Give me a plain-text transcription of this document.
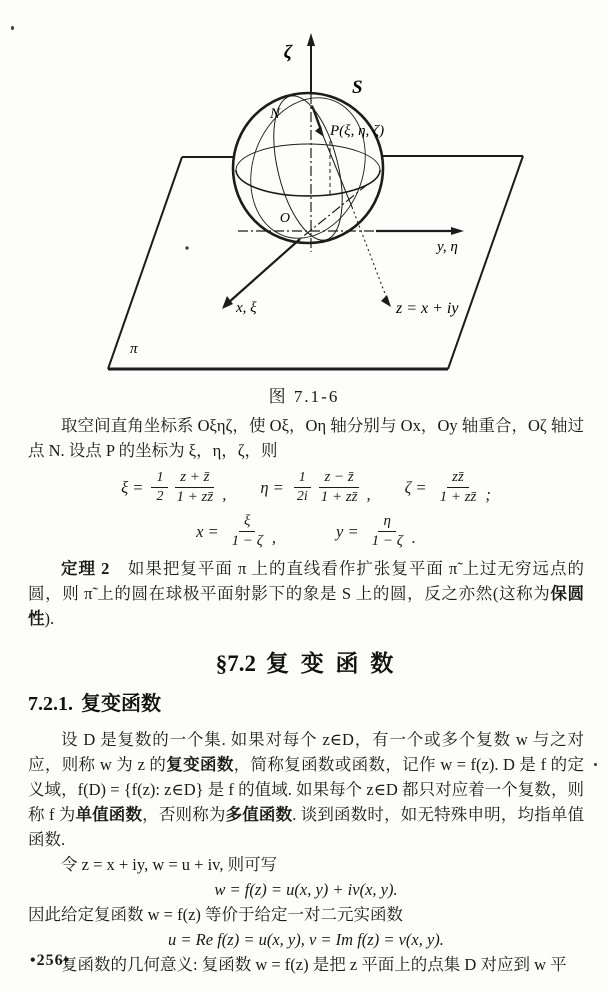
ζ
S
N
P(ξ, η, ζ)
O
y, η
x, ξ	z = x + iy
π
图 7.1-6

取空间直角坐标系 Oξηζ，使 Oξ，Oη 轴分别与 Ox，Oy 轴重合，Oζ 轴过点 N. 设点 P 的坐标为 ξ，η，ζ，则

$\xi = \frac{1}{2} \frac{z + z̄}{1 + zz̄}$ , $\eta = \frac{1}{2i} \frac{z - z̄}{1 + zz̄}$ , $\zeta = \frac{zz̄}{1 + zz̄}$ ;
$x = \frac{\xi}{1 - \zeta}$ ,	$y = \frac{\eta}{1 - \zeta}$ .

定理 2　如果把复平面 π 上的直线看作扩张复平面 π̃ 上过无穷远点的圆，则 π̃ 上的圆在球极平面射影下的象是 S 上的圆，反之亦然(这称为保圆性).

§7.2 复 变 函 数
7.2.1. 复变函数

设 D 是复数的一个集. 如果对每个 z∈D，有一个或多个复数 w 与之对应，则称 w 为 z 的复变函数，简称复函数或函数，记作 w = f(z). D 是 f 的定义域，f(D) = {f(z): z∈D} 是 f 的值域. 如果每个 z∈D 都只对应着一个复数，则称 f 为单值函数，否则称为多值函数. 谈到函数时，如无特殊申明，均指单值函数.

令 z = x + iy, w = u + iv, 则可写

w = f(z) = u(x, y) + iv(x, y).

因此给定复函数 w = f(z) 等价于给定一对二元实函数

u = Re f(z) = u(x, y), v = Im f(z) = v(x, y).

复函数的几何意义: 复函数 w = f(z) 是把 z 平面上的点集 D 对应到 w 平

•256•
